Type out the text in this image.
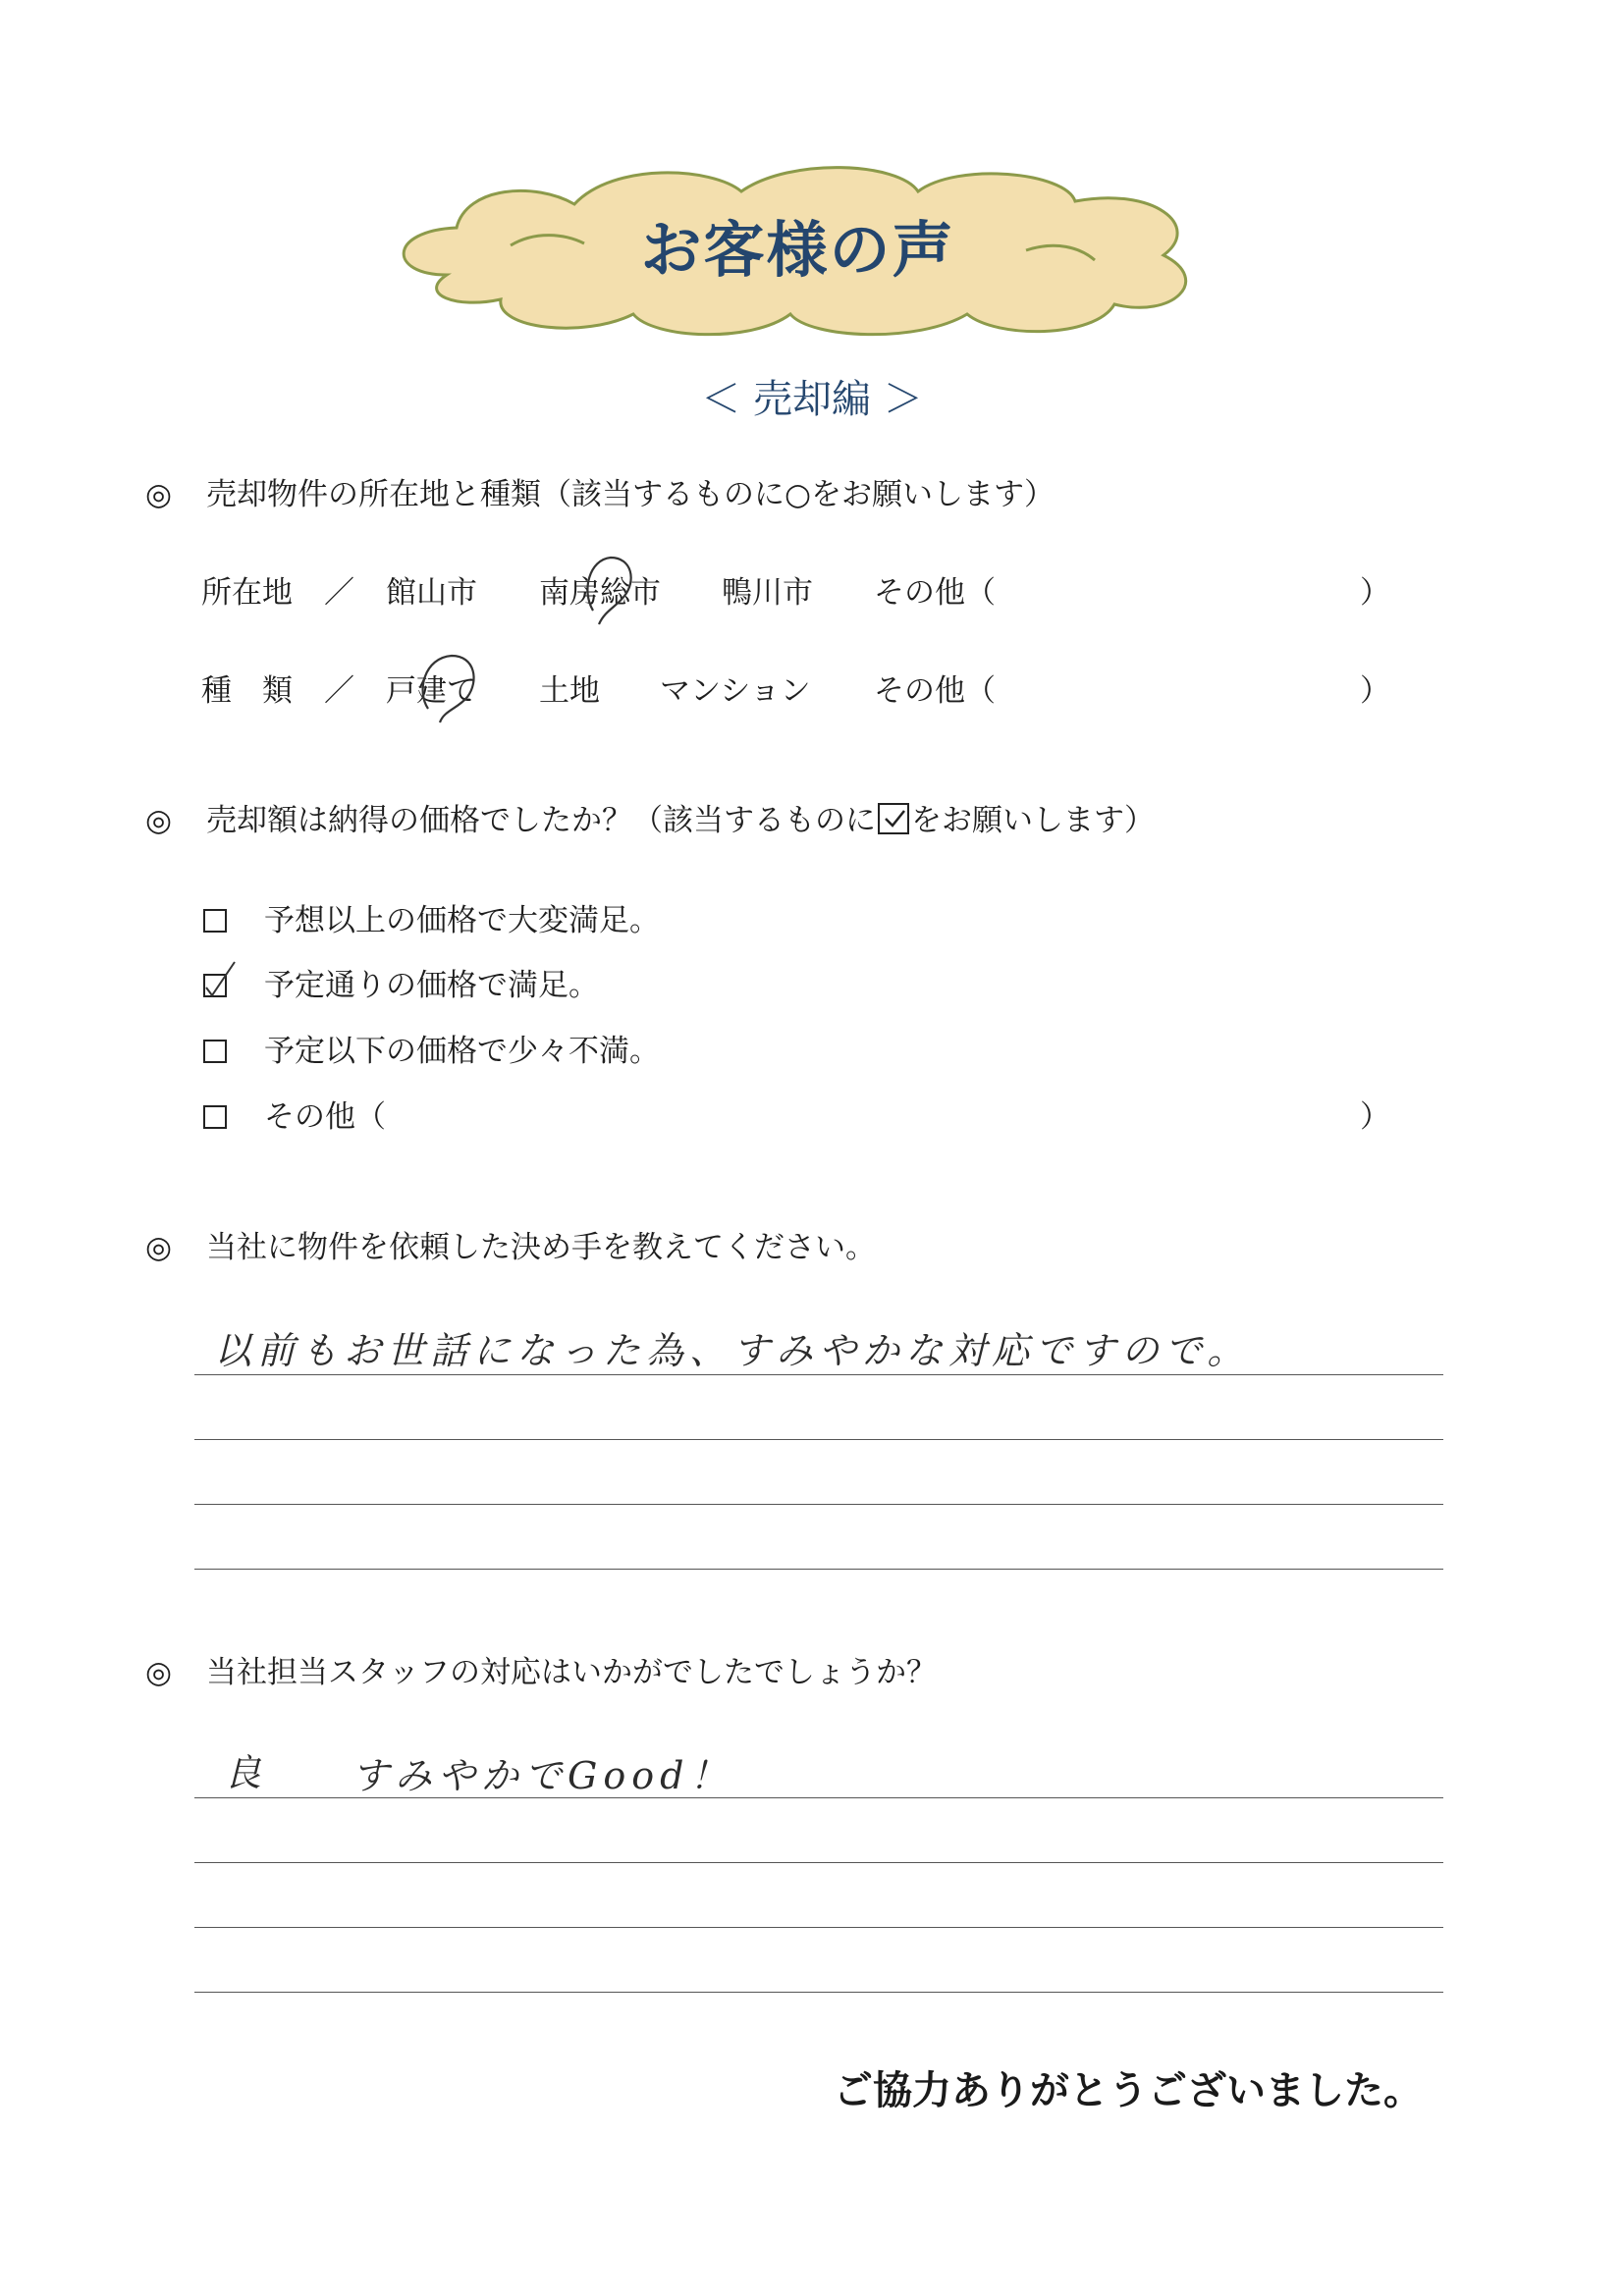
お客様の声
＜ 売却編 ＞
◎ 売却物件の所在地と種類（該当するものに○をお願いします）
所在地 ／ 館山市 南房総市 鴨川市 その他（	）
種　類 ／ 戸建て 土地 マンション その他（	）
◎ 売却額は納得の価格でしたか？（該当するものに をお願いします）
予想以上の価格で大変満足。
予定通りの価格で満足。
予定以下の価格で少々不満。
その他（	）
◎ 当社に物件を依頼した決め手を教えてください。
以前もお世話になった為、すみやかな対応ですので。
◎ 当社担当スタッフの対応はいかがでしたでしょうか？
良 すみやかでGood！
ご協力ありがとうございました。
